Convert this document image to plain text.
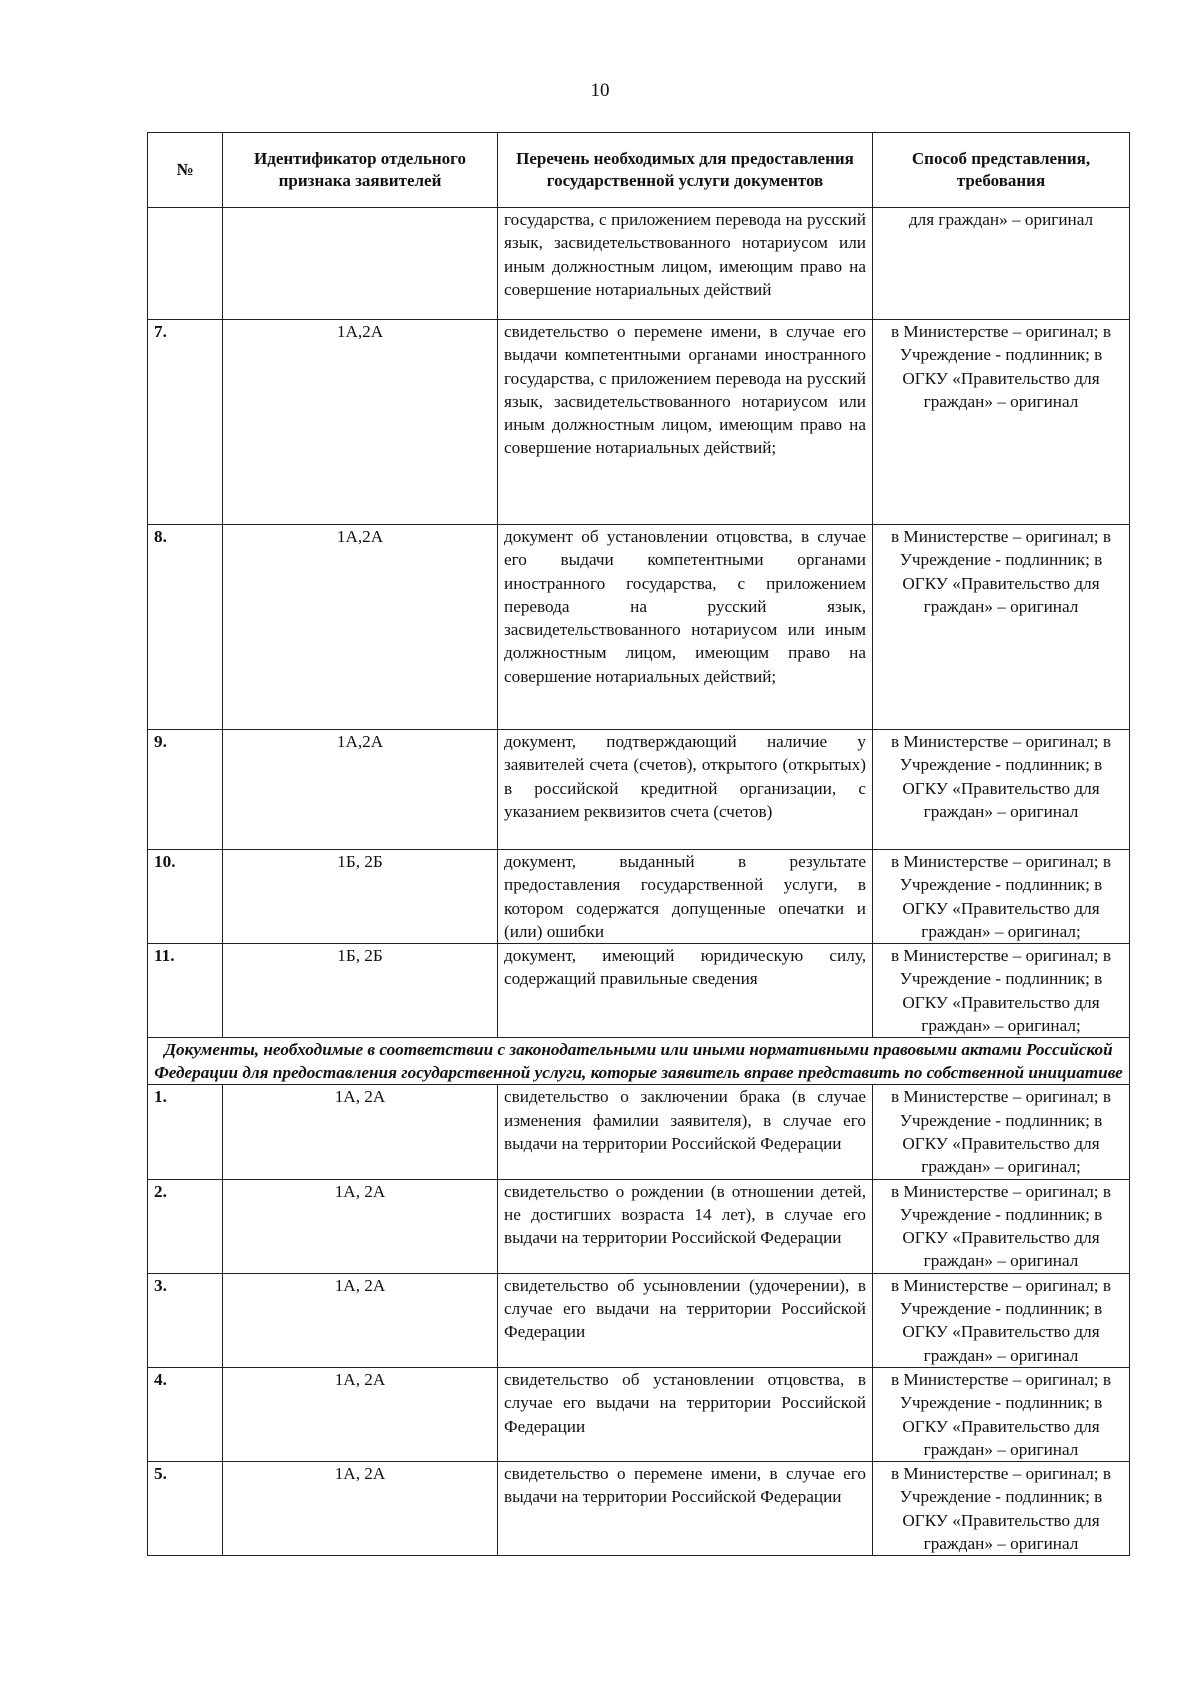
10
№	Идентификатор отдельного признака заявителей	Перечень необходимых для предоставления государственной услуги документов	Способ представления, требования
		государства, с приложением перевода на русский язык, засвидетельствованного нотариусом или иным должностным лицом, имеющим право на совершение нотариальных действий	для граждан» – оригинал
7.	1А,2А	свидетельство о перемене имени, в случае его выдачи компетентными органами иностранного государства, с приложением перевода на русский язык, засвидетельствованного нотариусом или иным должностным лицом, имеющим право на совершение нотариальных действий;	в Министерстве – оригинал; в Учреждение - подлинник; в ОГКУ «Правительство для граждан» – оригинал
8.	1А,2А	документ об установлении отцовства, в случае его выдачи компетентными органами иностранного государства, с приложением перевода на русский язык, засвидетельствованного нотариусом или иным должностным лицом, имеющим право на совершение нотариальных действий;	в Министерстве – оригинал; в Учреждение - подлинник; в ОГКУ «Правительство для граждан» – оригинал
9.	1А,2А	документ, подтверждающий наличие у заявителей счета (счетов), открытого (открытых) в российской кредитной организации, с указанием реквизитов счета (счетов)	в Министерстве – оригинал; в Учреждение - подлинник; в ОГКУ «Правительство для граждан» – оригинал
10.	1Б, 2Б	документ, выданный в результате предоставления государственной услуги, в котором содержатся допущенные опечатки и (или) ошибки	в Министерстве – оригинал; в Учреждение - подлинник; в ОГКУ «Правительство для граждан» – оригинал;
11.	1Б, 2Б	документ, имеющий юридическую силу, содержащий правильные сведения	в Министерстве – оригинал; в Учреждение - подлинник; в ОГКУ «Правительство для граждан» – оригинал;
Документы, необходимые в соответствии с законодательными или иными нормативными правовыми актами Российской Федерации для предоставления государственной услуги, которые заявитель вправе представить по собственной инициативе			
1.	1А, 2А	свидетельство о заключении брака (в случае изменения фамилии заявителя), в случае его выдачи на территории Российской Федерации	в Министерстве – оригинал; в Учреждение - подлинник; в ОГКУ «Правительство для граждан» – оригинал;
2.	1А, 2А	свидетельство о рождении (в отношении детей, не достигших возраста 14 лет), в случае его выдачи на территории Российской Федерации	в Министерстве – оригинал; в Учреждение - подлинник; в ОГКУ «Правительство для граждан» – оригинал
3.	1А, 2А	свидетельство об усыновлении (удочерении), в случае его выдачи на территории Российской Федерации	в Министерстве – оригинал; в Учреждение - подлинник; в ОГКУ «Правительство для граждан» – оригинал
4.	1А, 2А	свидетельство об установлении отцовства, в случае его выдачи на территории Российской Федерации	в Министерстве – оригинал; в Учреждение - подлинник; в ОГКУ «Правительство для граждан» – оригинал
5.	1А, 2А	свидетельство о перемене имени, в случае его выдачи на территории Российской Федерации	в Министерстве – оригинал; в Учреждение - подлинник; в ОГКУ «Правительство для граждан» – оригинал
